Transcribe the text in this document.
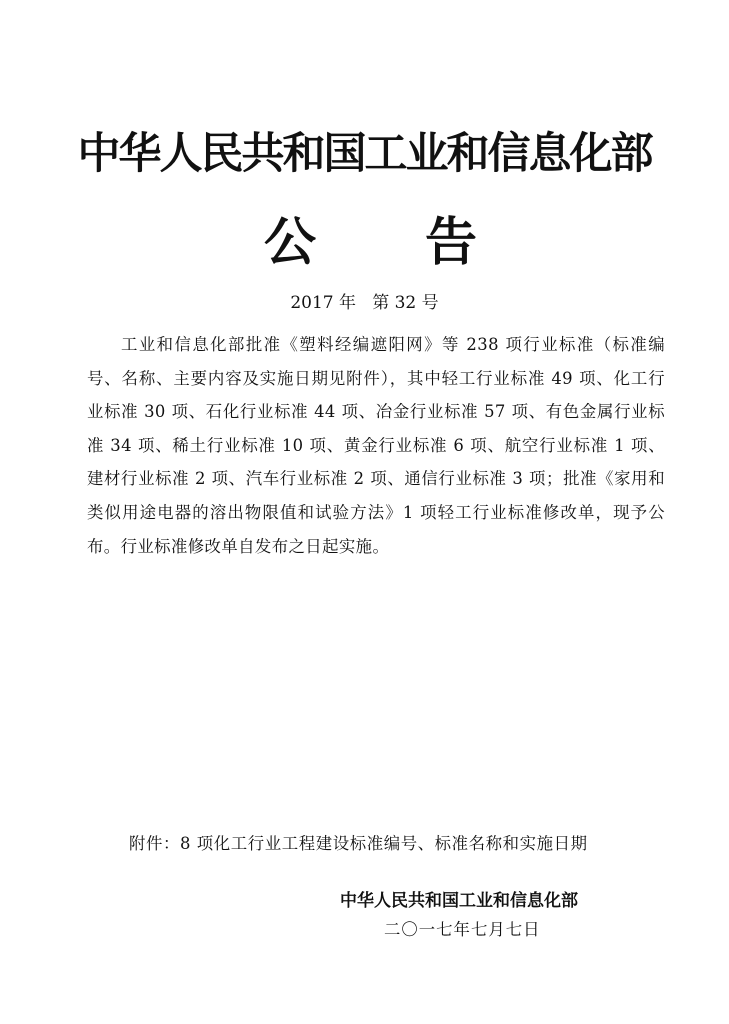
中华人民共和国工业和信息化部
公 告
2017 年   第 32 号

工业和信息化部批准《塑料经编遮阳网》等 238 项行业标准（标准编号、名称、主要内容及实施日期见附件），其中轻工行业标准 49 项、化工行业标准 30 项、石化行业标准 44 项、冶金行业标准 57 项、有色金属行业标准 34 项、稀土行业标准 10 项、黄金行业标准 6 项、航空行业标准 1 项、建材行业标准 2 项、汽车行业标准 2 项、通信行业标准 3 项；批准《家用和类似用途电器的溶出物限值和试验方法》1 项轻工行业标准修改单，现予公布。行业标准修改单自发布之日起实施。

附件：8 项化工行业工程建设标准编号、标准名称和实施日期
中华人民共和国工业和信息化部
二〇一七年七月七日
